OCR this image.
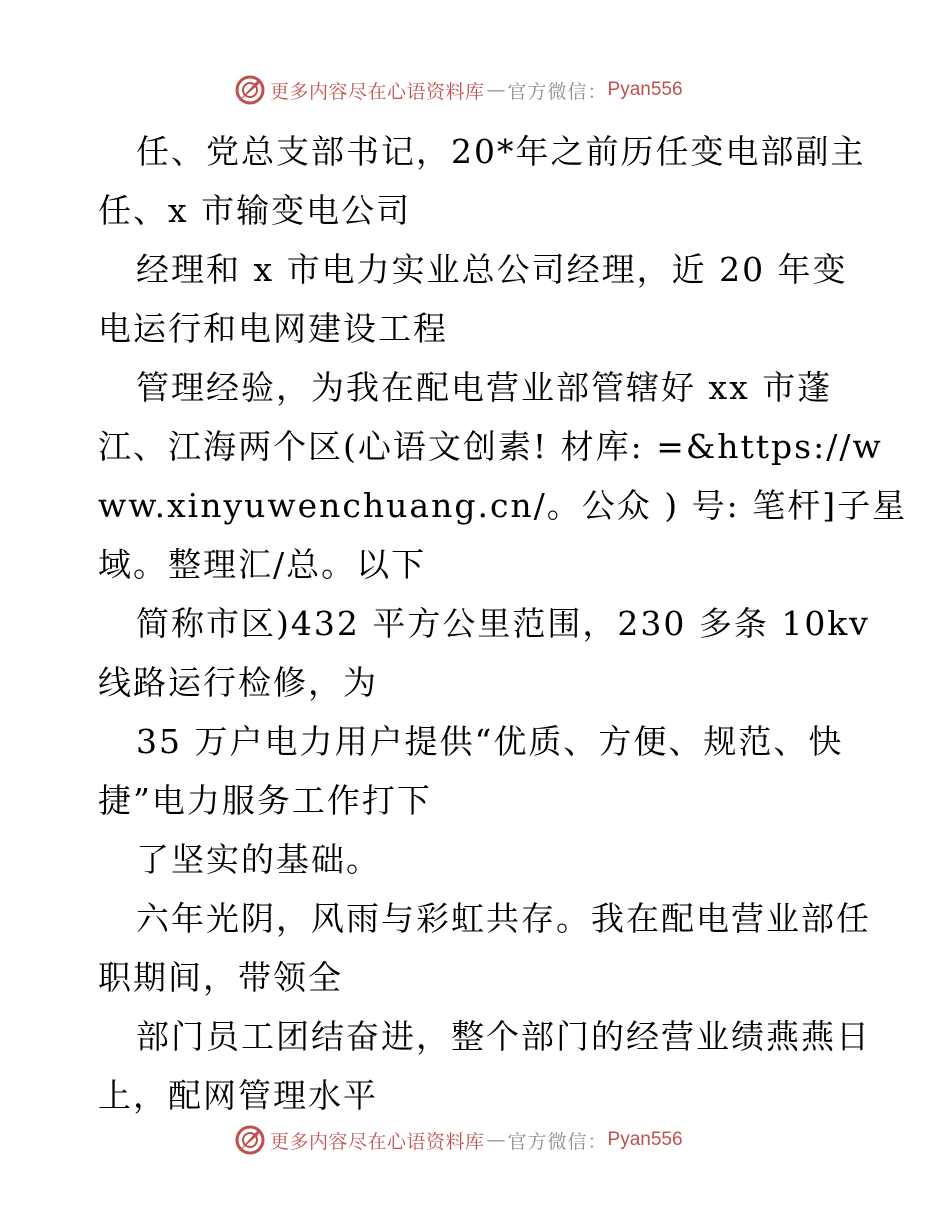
更多内容尽在心语资料库 — 官方微信： Pyan556

任、党总支部书记，20*年之前历任变电部副主
任、x 市输变电公司

经理和 x 市电力实业总公司经理，近 20 年变
电运行和电网建设工程

管理经验，为我在配电营业部管辖好 xx 市蓬
江、江海两个区(心语文创素! 材库: =&https://w
ww.xinyuwenchuang.cn/。公众 ) 号: 笔杆]子星
域。整理汇/总。以下

简称市区)432 平方公里范围，230 多条 10kv
线路运行检修，为

35 万户电力用户提供“优质、方便、规范、快
捷”电力服务工作打下

了坚实的基础。

六年光阴，风雨与彩虹共存。我在配电营业部任
职期间，带领全

部门员工团结奋进，整个部门的经营业绩燕燕日
上，配网管理水平

更多内容尽在心语资料库 — 官方微信： Pyan556
